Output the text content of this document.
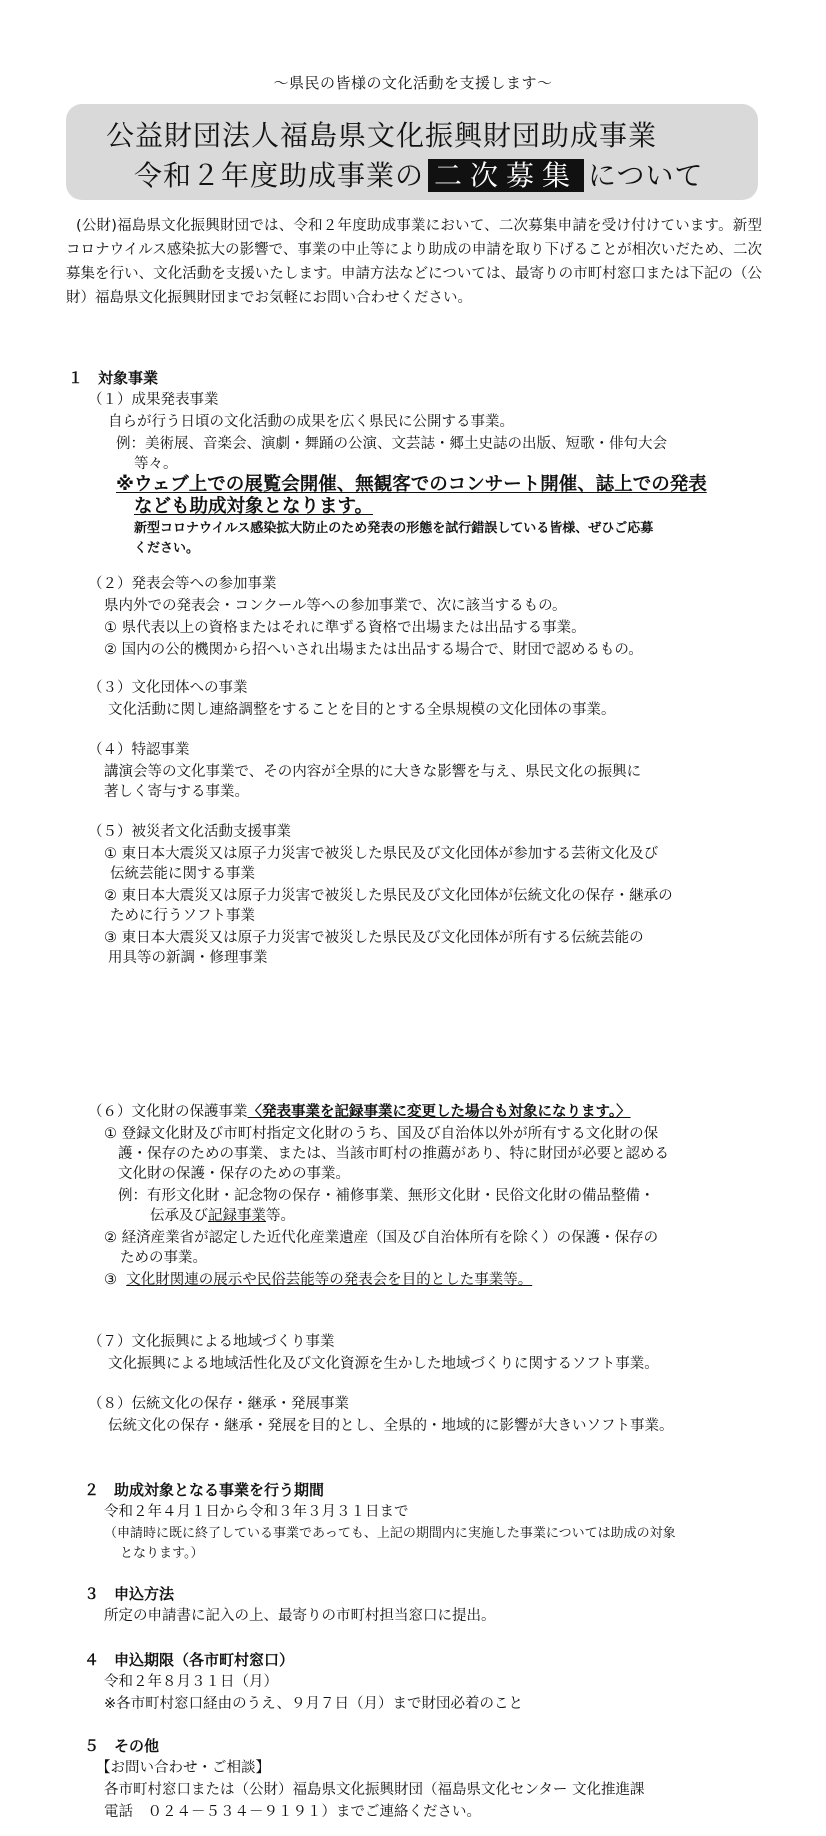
～県民の皆様の文化活動を支援します～
公益財団法人福島県文化振興財団助成事業
令和２年度助成事業の 二次募集 について
(公財)福島県文化振興財団では、令和２年度助成事業において、二次募集申請を受け付けています。新型コロナウイルス感染拡大の影響で、事業の中止等により助成の申請を取り下げることが相次いだため、二次募集を行い、文化活動を支援いたします。申請方法などについては、最寄りの市町村窓口または下記の（公財）福島県文化振興財団までお気軽にお問い合わせください。
１　対象事業
（１）成果発表事業
自らが行う日頃の文化活動の成果を広く県民に公開する事業。
例：美術展、音楽会、演劇・舞踊の公演、文芸誌・郷土史誌の出版、短歌・俳句大会
等々。
※ウェブ上での展覧会開催、無観客でのコンサート開催、誌上での発表
なども助成対象となります。
新型コロナウイルス感染拡大防止のため発表の形態を試行錯誤している皆様、ぜひご応募
ください。
（２）発表会等への参加事業
県内外での発表会・コンクール等への参加事業で、次に該当するもの。
① 県代表以上の資格またはそれに準ずる資格で出場または出品する事業。
② 国内の公的機関から招へいされ出場または出品する場合で、財団で認めるもの。
（３）文化団体への事業
文化活動に関し連絡調整をすることを目的とする全県規模の文化団体の事業。
（４）特認事業
講演会等の文化事業で、その内容が全県的に大きな影響を与え、県民文化の振興に
著しく寄与する事業。
（５）被災者文化活動支援事業
① 東日本大震災又は原子力災害で被災した県民及び文化団体が参加する芸術文化及び
伝統芸能に関する事業
② 東日本大震災又は原子力災害で被災した県民及び文化団体が伝統文化の保存・継承の
ために行うソフト事業
③ 東日本大震災又は原子力災害で被災した県民及び文化団体が所有する伝統芸能の
用具等の新調・修理事業
（６）文化財の保護事業〈発表事業を記録事業に変更した場合も対象になります。〉
① 登録文化財及び市町村指定文化財のうち、国及び自治体以外が所有する文化財の保
護・保存のための事業、または、当該市町村の推薦があり、特に財団が必要と認める
文化財の保護・保存のための事業。
例：有形文化財・記念物の保存・補修事業、無形文化財・民俗文化財の備品整備・
伝承及び記録事業等。
② 経済産業省が認定した近代化産業遺産（国及び自治体所有を除く）の保護・保存の
ための事業。
③ 文化財関連の展示や民俗芸能等の発表会を目的とした事業等。
（７）文化振興による地域づくり事業
文化振興による地域活性化及び文化資源を生かした地域づくりに関するソフト事業。
（８）伝統文化の保存・継承・発展事業
伝統文化の保存・継承・発展を目的とし、全県的・地域的に影響が大きいソフト事業。
２　助成対象となる事業を行う期間
令和２年４月１日から令和３年３月３１日まで
（申請時に既に終了している事業であっても、上記の期間内に実施した事業については助成の対象
となります。）
３　申込方法
所定の申請書に記入の上、最寄りの市町村担当窓口に提出。
４　申込期限（各市町村窓口）
令和２年８月３１日（月）
※各市町村窓口経由のうえ、９月７日（月）まで財団必着のこと
５　その他
【お問い合わせ・ご相談】
各市町村窓口または（公財）福島県文化振興財団（福島県文化センター 文化推進課
電話　０２４－５３４－９１９１）までご連絡ください。
